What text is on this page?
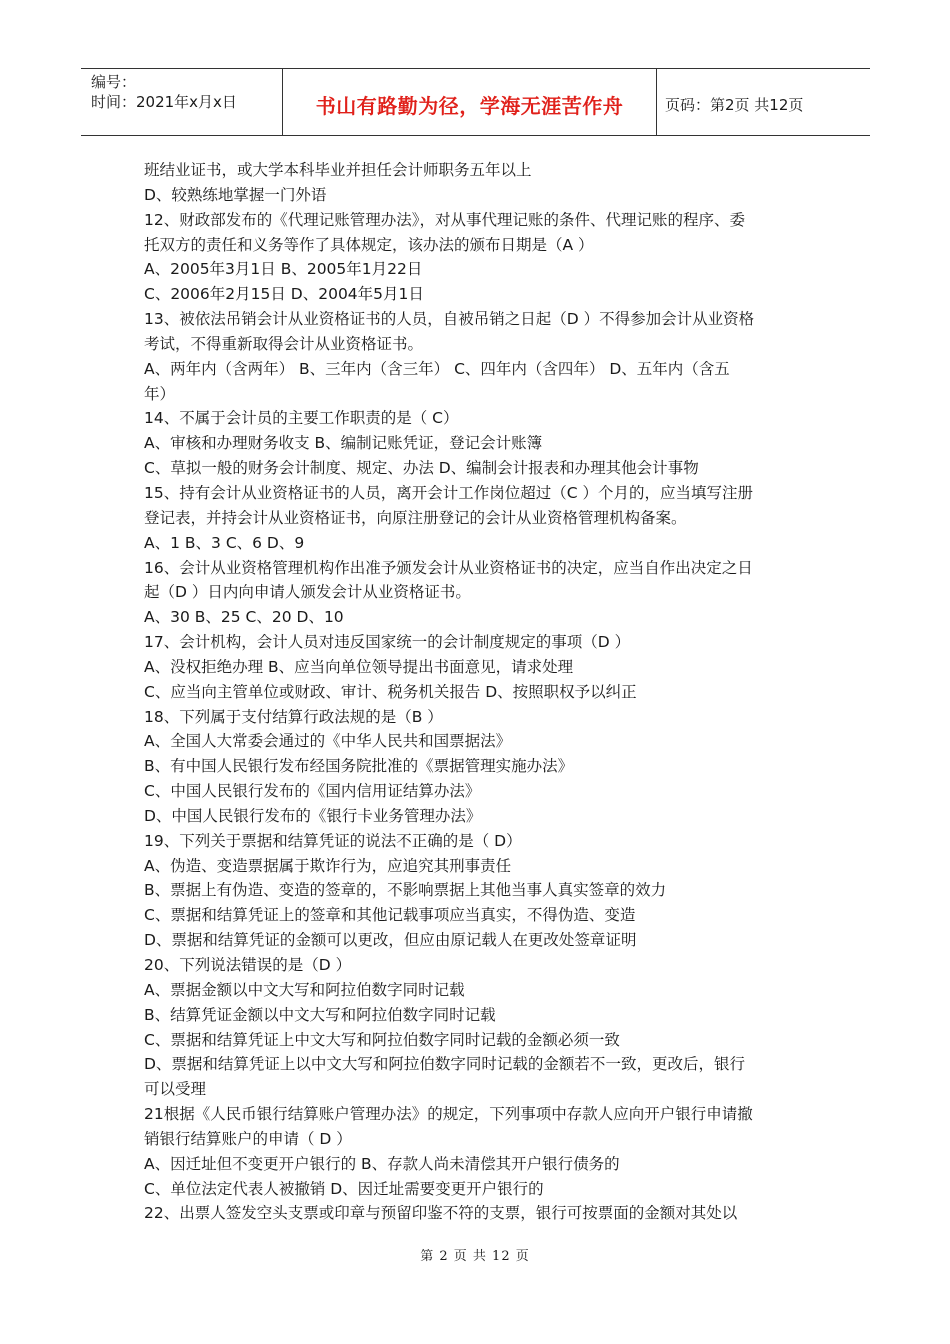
编号：
时间：2021年x月x日	书山有路勤为径，学海无涯苦作舟	页码：第2页 共12页
班结业证书，或大学本科毕业并担任会计师职务五年以上
D、较熟练地掌握一门外语
12、财政部发布的《代理记账管理办法》，对从事代理记账的条件、代理记账的程序、委
托双方的责任和义务等作了具体规定，该办法的颁布日期是（A ）
A、2005年3月1日 B、2005年1月22日
C、2006年2月15日 D、2004年5月1日
13、被依法吊销会计从业资格证书的人员，自被吊销之日起（D ）不得参加会计从业资格
考试，不得重新取得会计从业资格证书。
A、两年内（含两年） B、三年内（含三年） C、四年内（含四年） D、五年内（含五
年）
14、不属于会计员的主要工作职责的是（ C）
A、审核和办理财务收支 B、编制记账凭证，登记会计账簿
C、草拟一般的财务会计制度、规定、办法 D、编制会计报表和办理其他会计事物
15、持有会计从业资格证书的人员，离开会计工作岗位超过（C ）个月的，应当填写注册
登记表，并持会计从业资格证书，向原注册登记的会计从业资格管理机构备案。
A、1 B、3 C、6 D、9
16、会计从业资格管理机构作出准予颁发会计从业资格证书的决定，应当自作出决定之日
起（D ）日内向申请人颁发会计从业资格证书。
A、30 B、25 C、20 D、10
17、会计机构，会计人员对违反国家统一的会计制度规定的事项（D ）
A、没权拒绝办理 B、应当向单位领导提出书面意见，请求处理
C、应当向主管单位或财政、审计、税务机关报告 D、按照职权予以纠正
18、下列属于支付结算行政法规的是（B ）
A、全国人大常委会通过的《中华人民共和国票据法》
B、有中国人民银行发布经国务院批准的《票据管理实施办法》
C、中国人民银行发布的《国内信用证结算办法》
D、中国人民银行发布的《银行卡业务管理办法》
19、下列关于票据和结算凭证的说法不正确的是（ D）
A、伪造、变造票据属于欺诈行为，应追究其刑事责任
B、票据上有伪造、变造的签章的，不影响票据上其他当事人真实签章的效力
C、票据和结算凭证上的签章和其他记载事项应当真实，不得伪造、变造
D、票据和结算凭证的金额可以更改，但应由原记载人在更改处签章证明
20、下列说法错误的是（D ）
A、票据金额以中文大写和阿拉伯数字同时记载
B、结算凭证金额以中文大写和阿拉伯数字同时记载
C、票据和结算凭证上中文大写和阿拉伯数字同时记载的金额必须一致
D、票据和结算凭证上以中文大写和阿拉伯数字同时记载的金额若不一致，更改后，银行
可以受理
21根据《人民币银行结算账户管理办法》的规定，下列事项中存款人应向开户银行申请撤
销银行结算账户的申请（ D ）
A、因迁址但不变更开户银行的 B、存款人尚未清偿其开户银行债务的
C、单位法定代表人被撤销 D、因迁址需要变更开户银行的
22、出票人签发空头支票或印章与预留印鉴不符的支票，银行可按票面的金额对其处以
第 2 页 共 12 页
